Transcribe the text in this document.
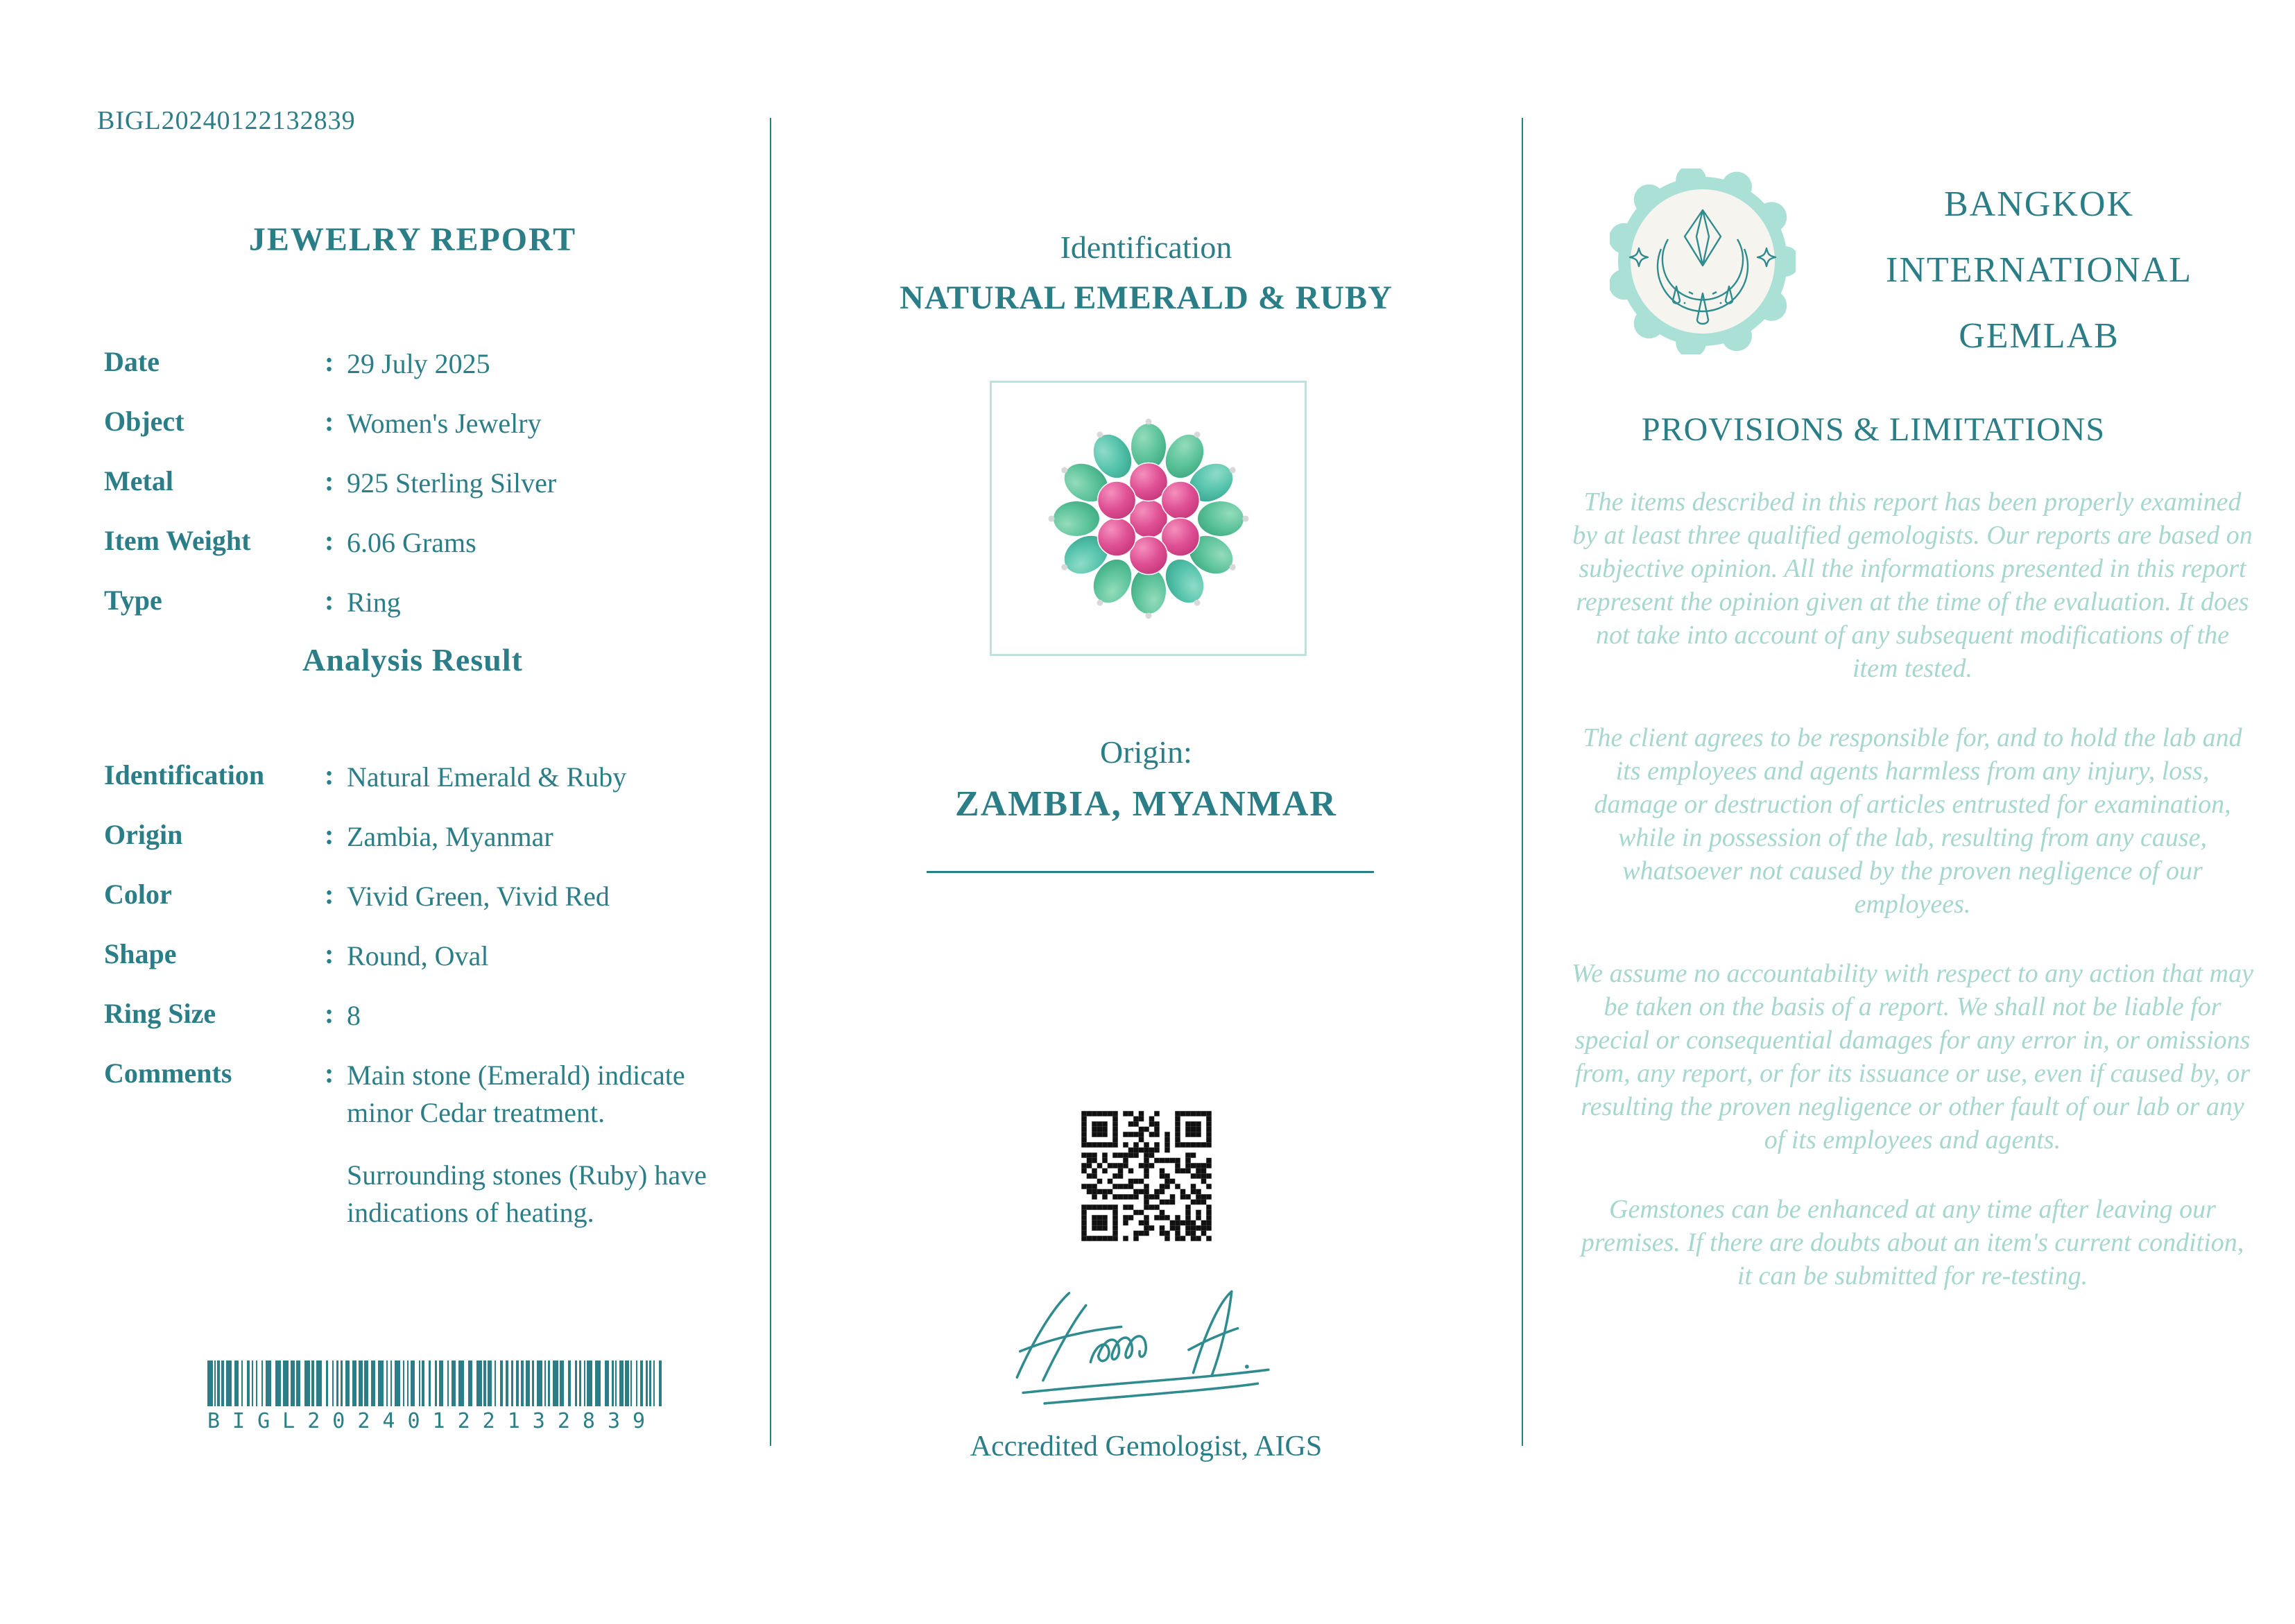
BIGL20240122132839
JEWELRY REPORT
Date	: 29 July 2025
Object	: Women's Jewelry
Metal	: 925 Sterling Silver
Item Weight	: 6.06 Grams
Type	: Ring
Analysis Result
Identification : Natural Emerald & Ruby
Origin	: Zambia, Myanmar
Color	: Vivid Green, Vivid Red
Shape	: Round, Oval
Ring Size	: 8
Comments	: Main stone (Emerald) indicate minor Cedar treatment.

Surrounding stones (Ruby) have indications of heating.

BIGL20240122132839
Identification
NATURAL EMERALD & RUBY
Origin:
ZAMBIA, MYANMAR
Accredited Gemologist, AIGS
BANGKOK INTERNATIONAL GEMLAB
PROVISIONS & LIMITATIONS

The items described in this report has been properly examined by at least three qualified gemologists. Our reports are based on subjective opinion. All the informations presented in this report represent the opinion given at the time of the evaluation. It does not take into account of any subsequent modifications of the item tested.

The client agrees to be responsible for, and to hold the lab and its employees and agents harmless from any injury, loss, damage or destruction of articles entrusted for examination, while in possession of the lab, resulting from any cause, whatsoever not caused by the proven negligence of our employees.

We assume no accountability with respect to any action that may be taken on the basis of a report. We shall not be liable for special or consequential damages for any error in, or omissions from, any report, or for its issuance or use, even if caused by, or resulting the proven negligence or other fault of our lab or any of its employees and agents.

Gemstones can be enhanced at any time after leaving our premises. If there are doubts about an item's current condition, it can be submitted for re-testing.
